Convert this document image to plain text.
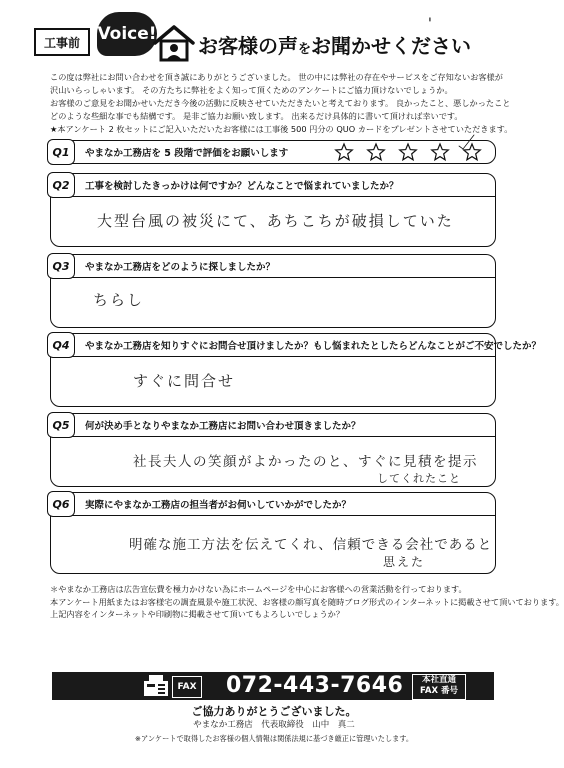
工事前	Voice! お客様の声をお聞かせください
'

この度は弊社にお問い合わせを頂き誠にありがとうございました。 世の中には弊社の存在やサービスをご存知ないお客様が

沢山いらっしゃいます。 その方たちに弊社をよく知って頂くためのアンケートにご協力頂けないでしょうか。

お客様のご意見をお聞かせいただき今後の活動に反映させていただきたいと考えております。 良かったこと、悪しかったこと

どのような些細な事でも結構です。 是非ご協力お願い致します。 出来るだけ具体的に書いて頂ければ幸いです。

★本アンケート 2 枚セットにご記入いただいたお客様には工事後 500 円分の QUO カードをプレゼントさせていただきます。

Q1	やまなか工務店を 5 段階で評価をお願いします
Q2	工事を検討したきっかけは何ですか？どんなことで悩まれていましたか？
大型台風の被災にて、あちこちが破損していた
Q3	やまなか工務店をどのように探しましたか？
ちらし
Q4	やまなか工務店を知りすぐにお問合せ頂けましたか？もし悩まれたとしたらどんなことがご不安でしたか？
すぐに問合せ
Q5	何が決め手となりやまなか工務店にお問い合わせ頂きましたか？
社長夫人の笑顔がよかったのと、すぐに見積を提示
してくれたこと
Q6	実際にやまなか工務店の担当者がお伺いしていかがでしたか？
明確な施工方法を伝えてくれ、信頼できる会社であると
思えた

＊やまなか工務店は広告宣伝費を極力かけない為にホームページを中心にお客様への営業活動を行っております。

本アンケート用紙またはお客様宅の調査風景や施工状況、お客様の顔写真を随時ブログ形式のインターネットに掲載させて頂いております。

上記内容をインターネットや印刷物に掲載させて頂いてもよろしいでしょうか？

FAX 072-443-7646	本社直通
FAX 番号
ご協力ありがとうございました。
やまなか工務店　代表取締役　山中　真二
※アンケートで取得したお客様の個人情報は関係法規に基づき厳正に管理いたします。
